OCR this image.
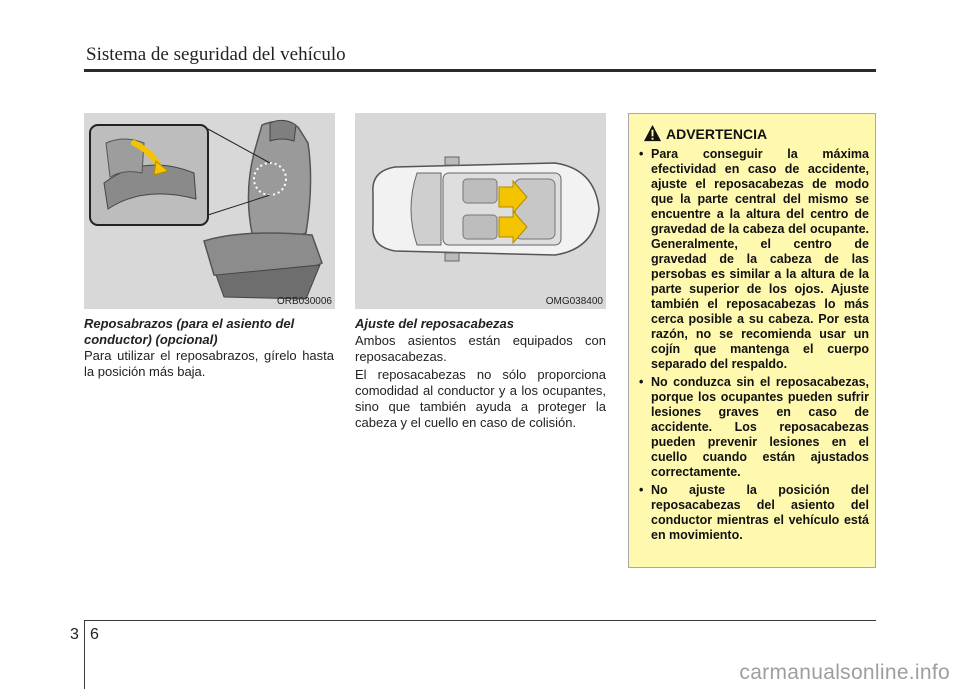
Sistema de seguridad del vehículo
ORB030006	OMG038400
Reposabrazos (para el asiento del conductor) (opcional)

Para utilizar el reposabrazos, gírelo hasta la posición más baja.

Ajuste del reposacabezas

Ambos asientos están equipados con reposacabezas.

El reposacabezas no sólo proporciona comodidad al conductor y a los ocupantes, sino que también ayuda a proteger la cabeza y el cuello en caso de colisión.

ADVERTENCIA
• Para conseguir la máxima efectividad en caso de accidente, ajuste el reposacabezas de modo que la parte central del mismo se encuentre a la altura del centro de gravedad de la cabeza del ocupante. Generalmente, el centro de gravedad de la cabeza de las persobas es similar a la altura de la parte superior de los ojos. Ajuste también el reposacabezas lo más cerca posible a su cabeza. Por esta razón, no se recomienda usar un cojín que mantenga el cuerpo separado del respaldo.
• No conduzca sin el reposacabezas, porque los ocupantes pueden sufrir lesiones graves en caso de accidente. Los reposacabezas pueden prevenir lesiones en el cuello cuando están ajustados correctamente.
• No ajuste la posición del reposacabezas del asiento del conductor mientras el vehículo está en movimiento.
3 6
carmanualsonline.info
